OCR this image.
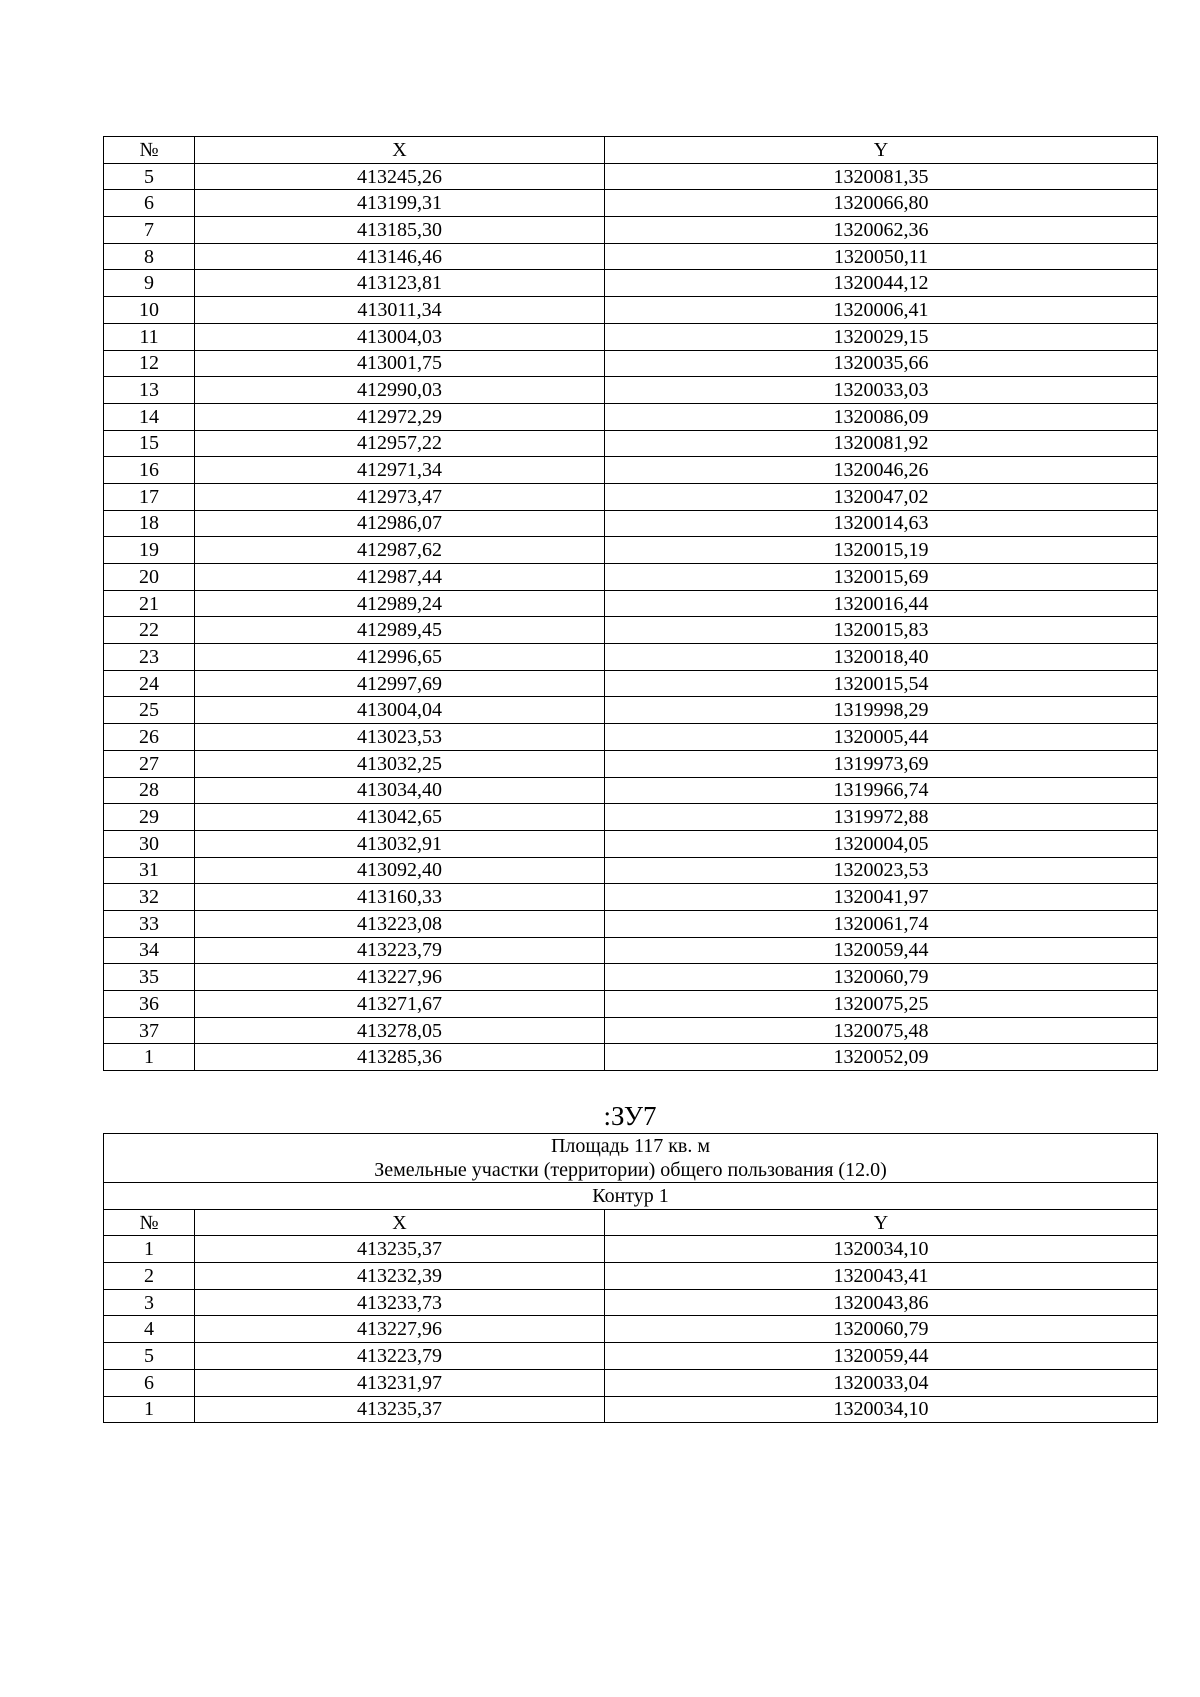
№	X	Y
5	413245,26	1320081,35
6	413199,31	1320066,80
7	413185,30	1320062,36
8	413146,46	1320050,11
9	413123,81	1320044,12
10	413011,34	1320006,41
11	413004,03	1320029,15
12	413001,75	1320035,66
13	412990,03	1320033,03
14	412972,29	1320086,09
15	412957,22	1320081,92
16	412971,34	1320046,26
17	412973,47	1320047,02
18	412986,07	1320014,63
19	412987,62	1320015,19
20	412987,44	1320015,69
21	412989,24	1320016,44
22	412989,45	1320015,83
23	412996,65	1320018,40
24	412997,69	1320015,54
25	413004,04	1319998,29
26	413023,53	1320005,44
27	413032,25	1319973,69
28	413034,40	1319966,74
29	413042,65	1319972,88
30	413032,91	1320004,05
31	413092,40	1320023,53
32	413160,33	1320041,97
33	413223,08	1320061,74
34	413223,79	1320059,44
35	413227,96	1320060,79
36	413271,67	1320075,25
37	413278,05	1320075,48
1	413285,36	1320052,09
:ЗУ7
Площадь 117 кв. м
Земельные участки (территории) общего пользования (12.0)		

Контур 1		
№	X	Y
1	413235,37	1320034,10
2	413232,39	1320043,41
3	413233,73	1320043,86
4	413227,96	1320060,79
5	413223,79	1320059,44
6	413231,97	1320033,04
1	413235,37	1320034,10
